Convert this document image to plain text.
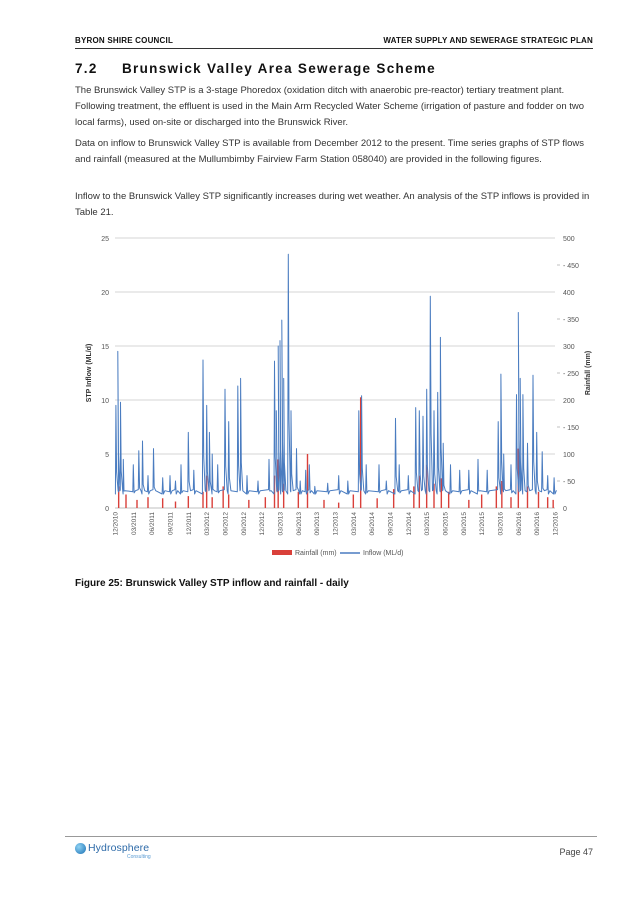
BYRON SHIRE COUNCIL	WATER SUPPLY AND SEWERAGE STRATEGIC PLAN
7.2 Brunswick Valley Area Sewerage Scheme

The Brunswick Valley STP is a 3-stage Phoredox (oxidation ditch with anaerobic pre-reactor) tertiary treatment plant. Following treatment, the effluent is used in the Main Arm Recycled Water Scheme (irrigation of pasture and fodder on two local farms), used on-site or discharged into the Brunswick River.

Data on inflow to Brunswick Valley STP is available from December 2012 to the present. Time series graphs of STP flows and rainfall (measured at the Mullumbimby Fairview Farm Station 058040) are provided in the following figures.

Inflow to the Brunswick Valley STP significantly increases during wet weather. An analysis of the STP inflows is provided in Table 21.

0
5
10
15
20
25
0
- 50
100
- 150
200
- 250
300
- 350
400
- 450
500
12/2010 03/2011 06/2011 09/2011 12/2011 03/2012 06/2012 09/2012 12/2012 03/2013 06/2013 09/2013 12/2013 03/2014 06/2014 09/2014 12/2014 03/2015 06/2015 09/2015 12/2015 03/2016 06/2016 09/2016 12/2016
STP Inflow (ML/d)	Rainfall (mm)
Rainfall (mm)	Inflow (ML/d)
Figure 25: Brunswick Valley STP inflow and rainfall - daily
Hydrosphere
Consulting	Page 47
